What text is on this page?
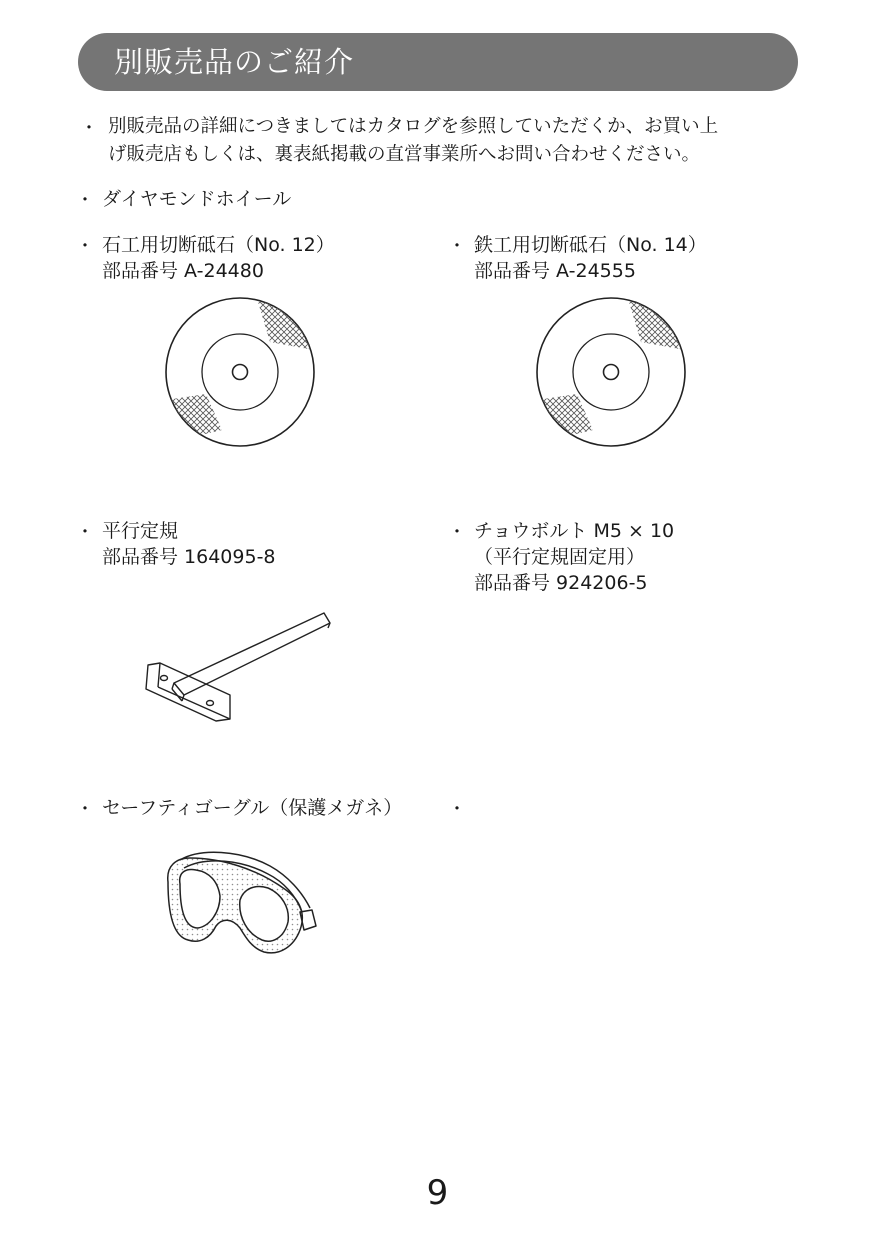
別販売品のご紹介
・ 別販売品の詳細につきましてはカタログを参照していただくか、お買い上
げ販売店もしくは、裏表紙掲載の直営事業所へお問い合わせください。
・ ダイヤモンドホイール
・ 石工用切断砥石（No. 12）
部品番号 A-24480
・ 鉄工用切断砥石（No. 14）
部品番号 A-24555
・ 平行定規
部品番号 164095-8
・ チョウボルト M5 × 10
（平行定規固定用）
部品番号 924206-5
・ セーフティゴーグル（保護メガネ）	・
9
